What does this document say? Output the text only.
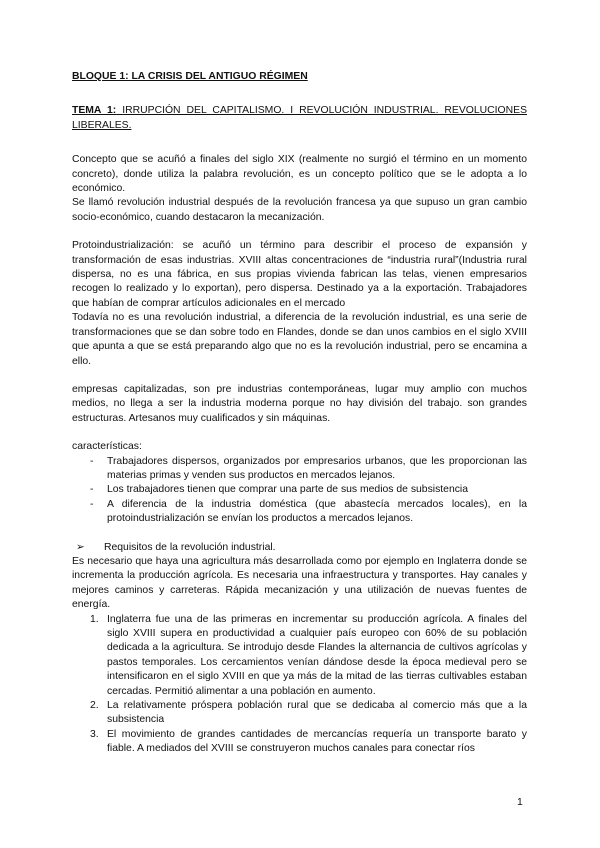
BLOQUE 1: LA CRISIS DEL ANTIGUO RÉGIMEN
TEMA 1: IRRUPCIÓN DEL CAPITALISMO. I REVOLUCIÓN INDUSTRIAL. REVOLUCIONES LIBERALES.

Concepto que se acuñó a finales del siglo XIX (realmente no surgió el término en un momento concreto), donde utiliza la palabra revolución, es un concepto político que se le adopta a lo económico.

Se llamó revolución industrial después de la revolución francesa ya que supuso un gran cambio socio-económico, cuando destacaron la mecanización.

Protoindustrialización: se acuñó un término para describir el proceso de expansión y transformación de esas industrias. XVIII altas concentraciones de “industria rural”(Industria rural dispersa, no es una fábrica, en sus propias vivienda fabrican las telas, vienen empresarios recogen lo realizado y lo exportan), pero dispersa. Destinado ya a la exportación. Trabajadores que habían de comprar artículos adicionales en el mercado

Todavía no es una revolución industrial, a diferencia de la revolución industrial, es una serie de transformaciones que se dan sobre todo en Flandes, donde se dan unos cambios en el siglo XVIII que apunta a que se está preparando algo que no es la revolución industrial, pero se encamina a ello.

empresas capitalizadas, son pre industrias contemporáneas, lugar muy amplio con muchos medios, no llega a ser la industria moderna porque no hay división del trabajo. son grandes estructuras. Artesanos muy cualificados y sin máquinas.

características:

- Trabajadores dispersos, organizados por empresarios urbanos, que les proporcionan las materias primas y venden sus productos en mercados lejanos.
- Los trabajadores tienen que comprar una parte de sus medios de subsistencia
- A diferencia de la industria doméstica (que abastecía mercados locales), en la protoindustrialización se envían los productos a mercados lejanos.
➢ Requisitos de la revolución industrial.

Es necesario que haya una agricultura más desarrollada como por ejemplo en Inglaterra donde se incrementa la producción agrícola. Es necesaria una infraestructura y transportes. Hay canales y mejores caminos y carreteras. Rápida mecanización y una utilización de nuevas fuentes de energía.

1. Inglaterra fue una de las primeras en incrementar su producción agrícola. A finales del siglo XVIII supera en productividad a cualquier país europeo con 60% de su población dedicada a la agricultura. Se introdujo desde Flandes la alternancia de cultivos agrícolas y pastos temporales. Los cercamientos venían dándose desde la época medieval pero se intensificaron en el siglo XVIII en que ya más de la mitad de las tierras cultivables estaban cercadas. Permitió alimentar a una población en aumento.
2. La relativamente próspera población rural que se dedicaba al comercio más que a la subsistencia
3. El movimiento de grandes cantidades de mercancías requería un transporte barato y fiable. A mediados del XVIII se construyeron muchos canales para conectar ríos
1
